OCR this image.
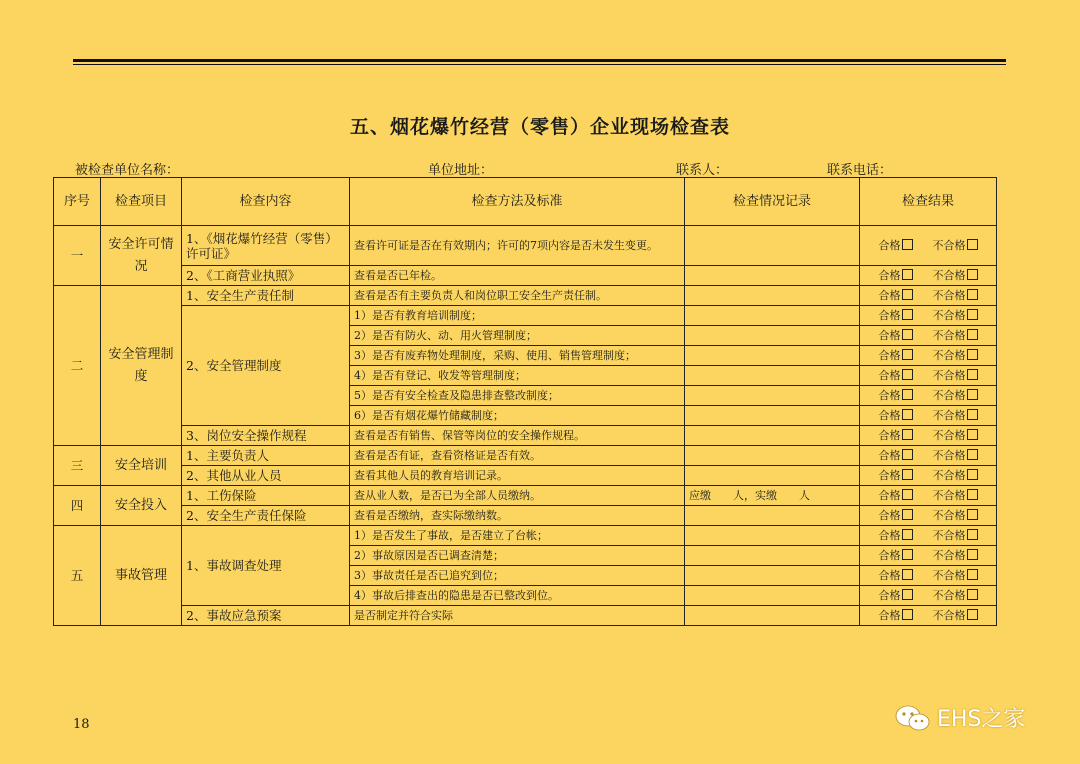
五、烟花爆竹经营（零售）企业现场检查表
被检查单位名称：	单位地址：	联系人：	联系电话：
序号	检查项目	检查内容	检查方法及标准	检查情况记录	检查结果
一	安全许可情况	1、《烟花爆竹经营（零售）许可证》	查看许可证是否在有效期内；许可的7项内容是否未发生变更。		合格 不合格
		2、《工商营业执照》	查看是否已年检。		合格 不合格
二	安全管理制度	1、安全生产责任制	查看是否有主要负责人和岗位职工安全生产责任制。		合格 不合格
		2、安全管理制度	1）是否有教育培训制度；		合格 不合格
			2）是否有防火、动、用火管理制度；		合格 不合格
			3）是否有废弃物处理制度，采购、使用、销售管理制度；		合格 不合格
			4）是否有登记、收发等管理制度；		合格 不合格
			5）是否有安全检查及隐患排查整改制度；		合格 不合格
			6）是否有烟花爆竹储藏制度；		合格 不合格
		3、岗位安全操作规程	查看是否有销售、保管等岗位的安全操作规程。		合格 不合格
三	安全培训	1、主要负责人	查看是否有证，查看资格证是否有效。		合格 不合格
		2、其他从业人员	查看其他人员的教育培训记录。		合格 不合格
四	安全投入	1、工伤保险	查从业人数，是否已为全部人员缴纳。	应缴　　人，实缴　　人	合格 不合格
		2、安全生产责任保险	查看是否缴纳，查实际缴纳数。		合格 不合格
五	事故管理	1、事故调查处理	1）是否发生了事故，是否建立了台帐；		合格 不合格
			2）事故原因是否已调查清楚；		合格 不合格
			3）事故责任是否已追究到位；		合格 不合格
			4）事故后排查出的隐患是否已整改到位。		合格 不合格
		2、事故应急预案	是否制定并符合实际		合格 不合格
18	EHS之家
